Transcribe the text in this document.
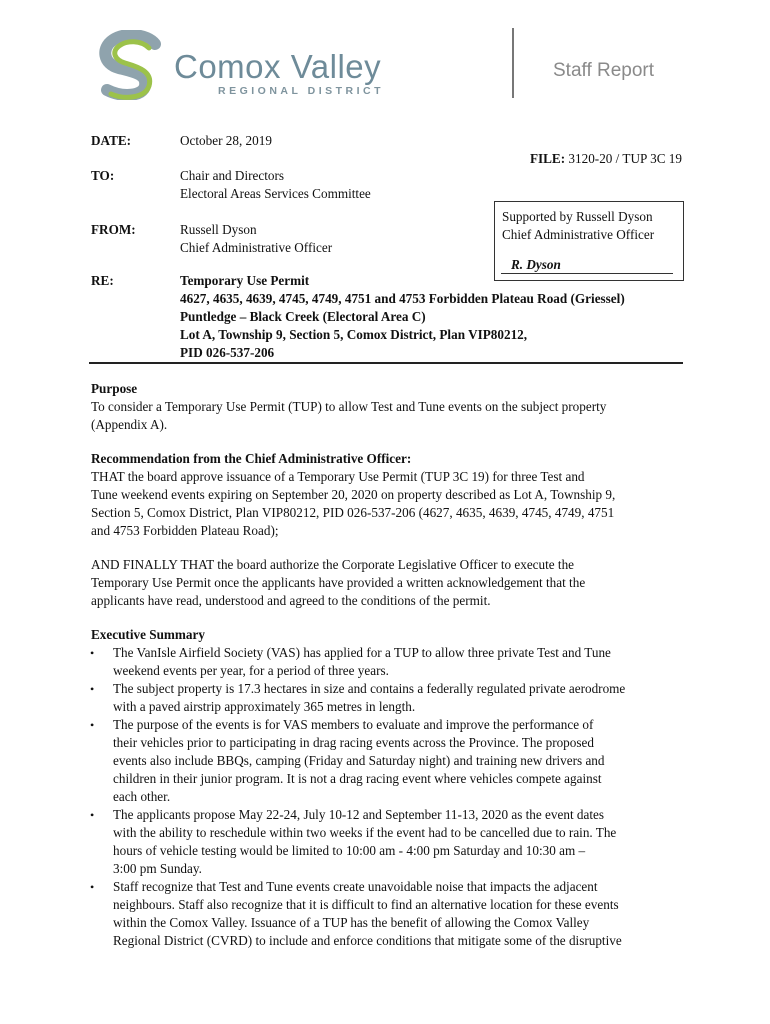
Comox Valley
REGIONAL DISTRICT
Staff Report
DATE:	October 28, 2019
FILE: 3120-20 / TUP 3C 19
TO:	Chair and Directors
Electoral Areas Services Committee
FROM:	Russell Dyson
Chief Administrative Officer
Supported by Russell Dyson
Chief Administrative Officer
R. Dyson
RE:	Temporary Use Permit
4627, 4635, 4639, 4745, 4749, 4751 and 4753 Forbidden Plateau Road (Griessel)
Puntledge – Black Creek (Electoral Area C)
Lot A, Township 9, Section 5, Comox District, Plan VIP80212,
PID 026-537-206
Purpose
To consider a Temporary Use Permit (TUP) to allow Test and Tune events on the subject property
(Appendix A).
Recommendation from the Chief Administrative Officer:
THAT the board approve issuance of a Temporary Use Permit (TUP 3C 19) for three Test and
Tune weekend events expiring on September 20, 2020 on property described as Lot A, Township 9,
Section 5, Comox District, Plan VIP80212, PID 026-537-206 (4627, 4635, 4639, 4745, 4749, 4751
and 4753 Forbidden Plateau Road);
AND FINALLY THAT the board authorize the Corporate Legislative Officer to execute the
Temporary Use Permit once the applicants have provided a written acknowledgement that the
applicants have read, understood and agreed to the conditions of the permit.
Executive Summary
• The VanIsle Airfield Society (VAS) has applied for a TUP to allow three private Test and Tune
weekend events per year, for a period of three years.
• The subject property is 17.3 hectares in size and contains a federally regulated private aerodrome
with a paved airstrip approximately 365 metres in length.
• The purpose of the events is for VAS members to evaluate and improve the performance of
their vehicles prior to participating in drag racing events across the Province. The proposed
events also include BBQs, camping (Friday and Saturday night) and training new drivers and
children in their junior program. It is not a drag racing event where vehicles compete against
each other.
• The applicants propose May 22-24, July 10-12 and September 11-13, 2020 as the event dates
with the ability to reschedule within two weeks if the event had to be cancelled due to rain. The
hours of vehicle testing would be limited to 10:00 am - 4:00 pm Saturday and 10:30 am –
3:00 pm Sunday.
• Staff recognize that Test and Tune events create unavoidable noise that impacts the adjacent
neighbours. Staff also recognize that it is difficult to find an alternative location for these events
within the Comox Valley. Issuance of a TUP has the benefit of allowing the Comox Valley
Regional District (CVRD) to include and enforce conditions that mitigate some of the disruptive
